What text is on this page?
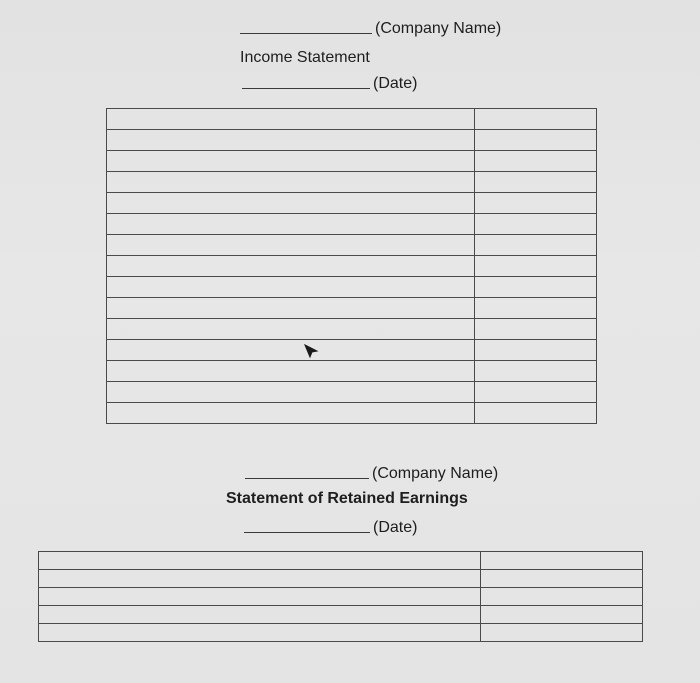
(Company Name)
Income Statement
(Date)

(Company Name)
Statement of Retained Earnings
(Date)
